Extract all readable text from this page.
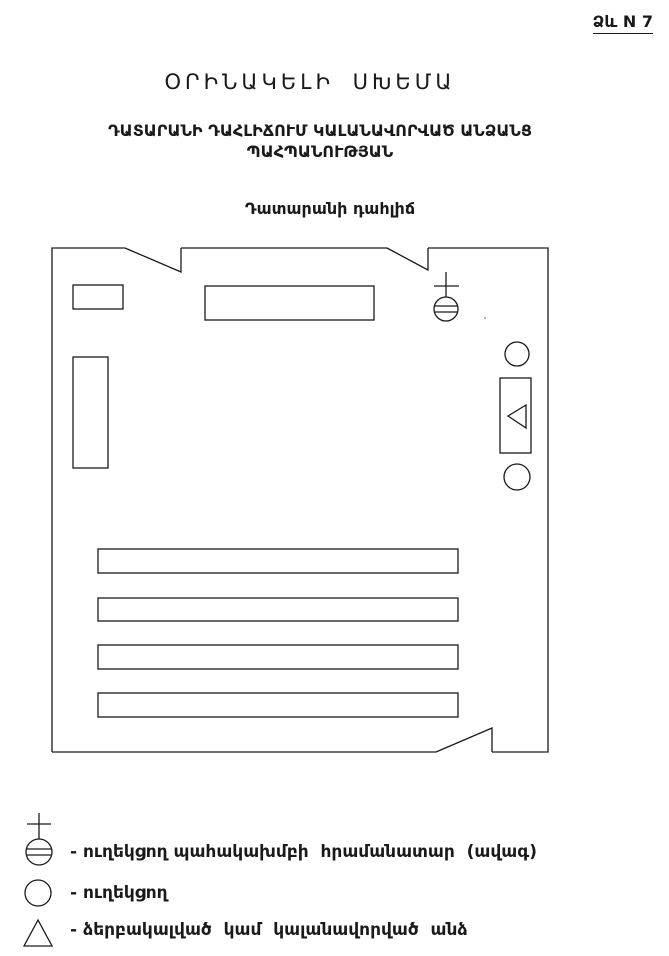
Ձև N 7
ՕՐԻՆԱԿԵԼԻ ՍԽԵՄԱ
ԴԱՏԱՐԱՆԻ ԴԱՀԼԻՃՈՒՄ ԿԱԼԱՆԱՎՈՐՎԱԾ ԱՆՁԱՆՑ
ՊԱՀՊԱՆՈՒԹՅԱՆ
Դատարանի դահլիճ
- ուղեկցող պահակախմբի  հրամանատար  (ավագ)
- ուղեկցող
- ձերբակալված  կամ  կալանավորված  անձ
